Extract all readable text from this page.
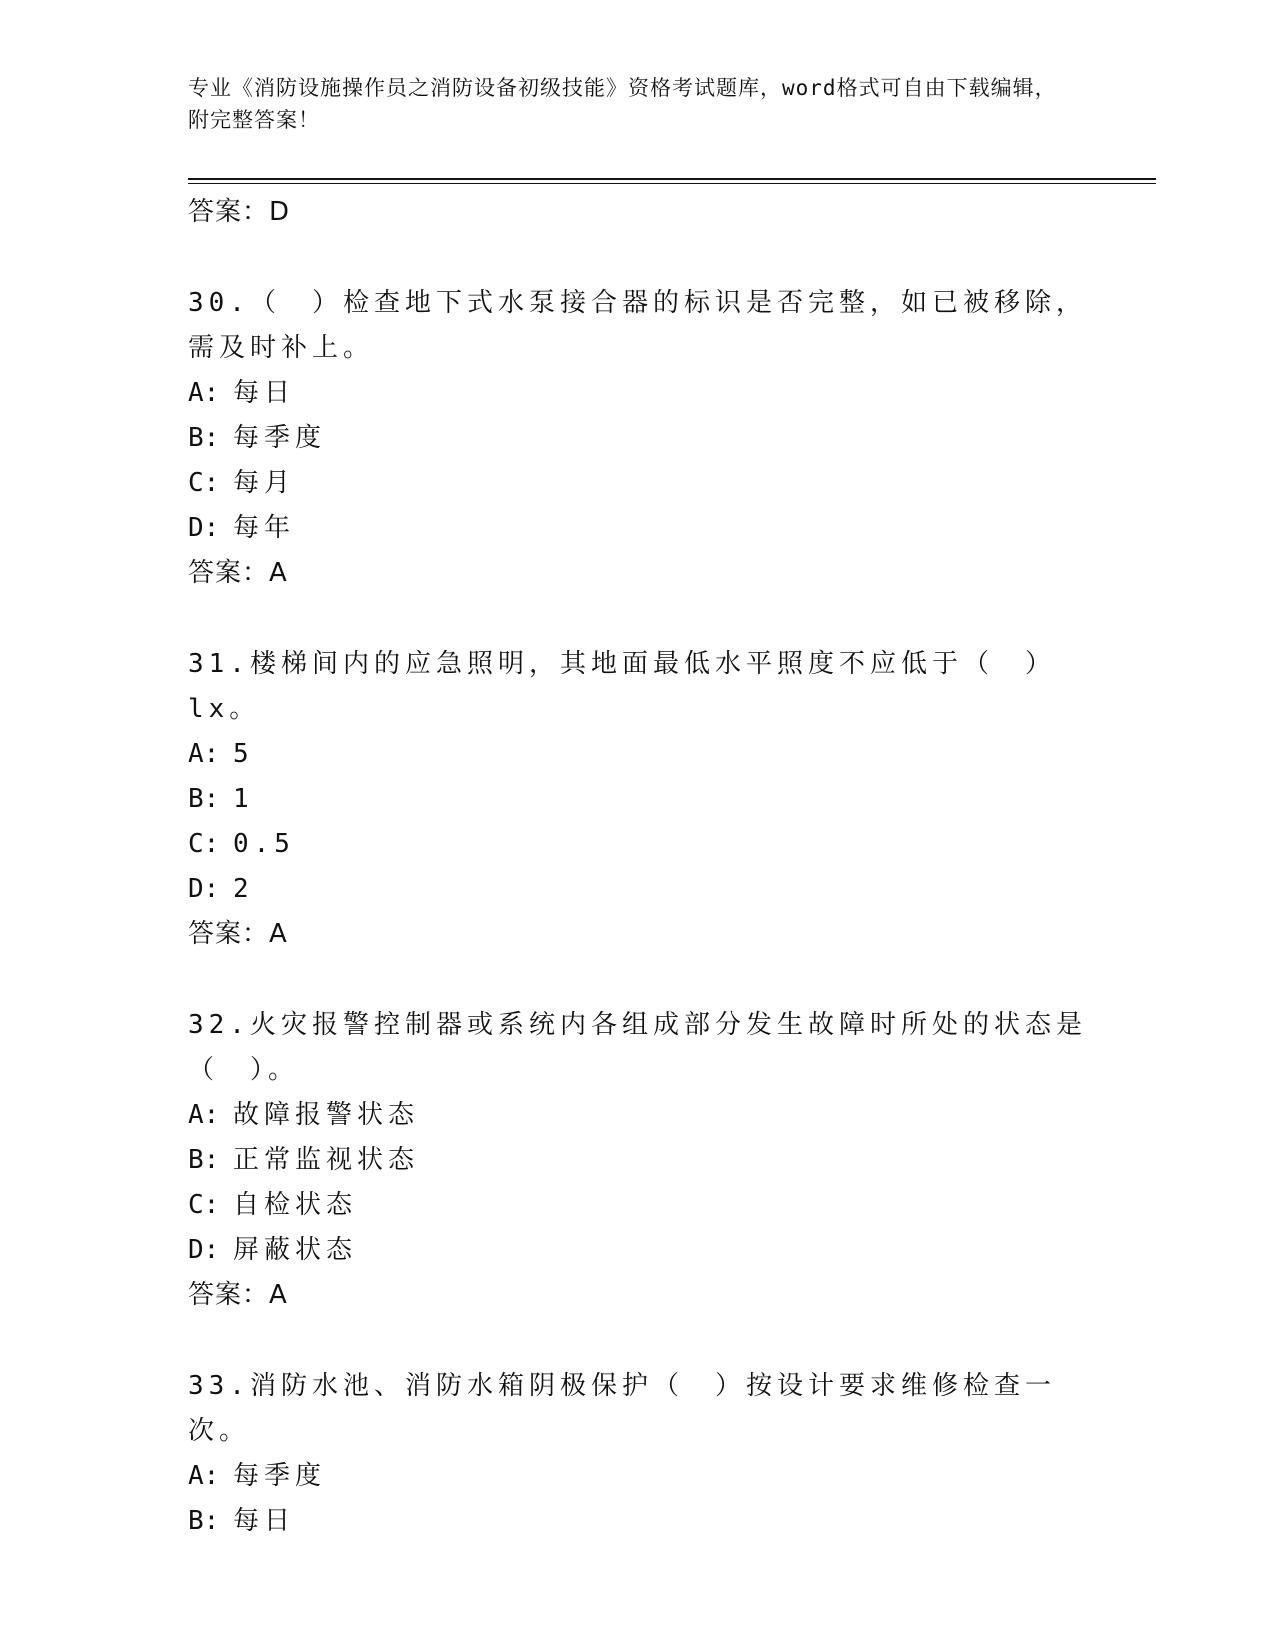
专业《消防设施操作员之消防设备初级技能》资格考试题库，word格式可自由下载编辑，附完整答案！
答案：D

30.（　）检查地下式水泵接合器的标识是否完整，如已被移除，需及时补上。

A: 每日
B: 每季度
C: 每月
D: 每年
答案：A

31.楼梯间内的应急照明，其地面最低水平照度不应低于（　）lx。

A: 5
B: 1
C: 0.5
D: 2
答案：A

32.火灾报警控制器或系统内各组成部分发生故障时所处的状态是（　）。

A: 故障报警状态
B: 正常监视状态
C: 自检状态
D: 屏蔽状态
答案：A

33.消防水池、消防水箱阴极保护（　）按设计要求维修检查一次。

A: 每季度
B: 每日
